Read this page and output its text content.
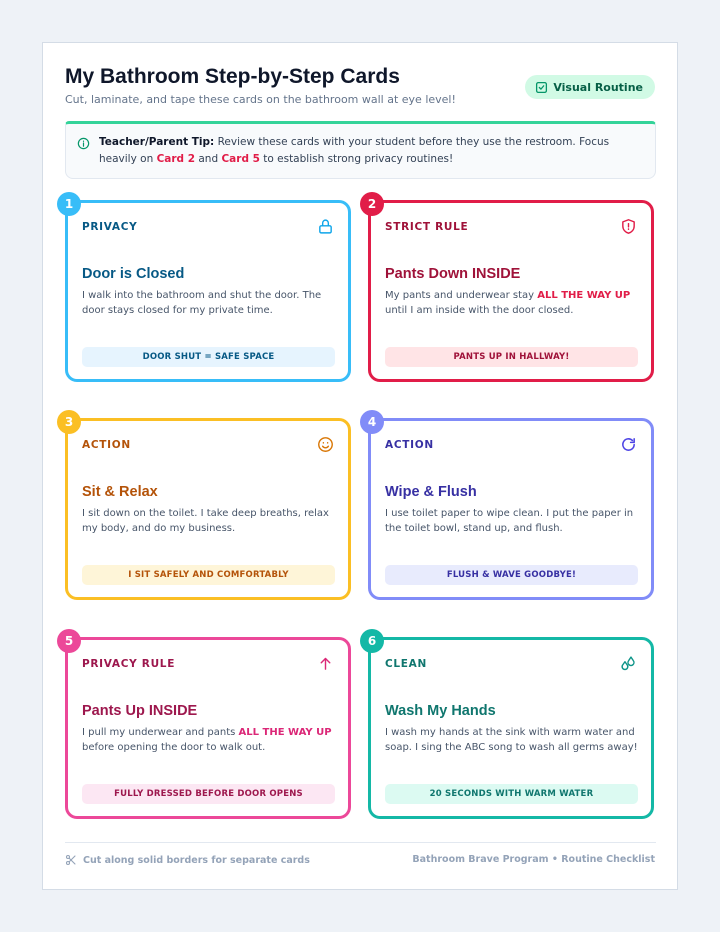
My Bathroom Step-by-Step Cards
Cut, laminate, and tape these cards on the bathroom wall at eye level!
Visual Routine
Teacher/Parent Tip: Review these cards with your student before they use the restroom. Focus heavily on Card 2 and Card 5 to establish strong privacy routines!
1
PRIVACY
Door is Closed
I walk into the bathroom and shut the door. The door stays closed for my private time.
DOOR SHUT = SAFE SPACE
2
STRICT RULE
Pants Down INSIDE
My pants and underwear stay ALL THE WAY UP until I am inside with the door closed.
PANTS UP IN HALLWAY!
3
ACTION
Sit & Relax
I sit down on the toilet. I take deep breaths, relax my body, and do my business.
I SIT SAFELY AND COMFORTABLY
4
ACTION
Wipe & Flush
I use toilet paper to wipe clean. I put the paper in the toilet bowl, stand up, and flush.
FLUSH & WAVE GOODBYE!
5
PRIVACY RULE
Pants Up INSIDE
I pull my underwear and pants ALL THE WAY UP before opening the door to walk out.
FULLY DRESSED BEFORE DOOR OPENS
6
CLEAN
Wash My Hands
I wash my hands at the sink with warm water and soap. I sing the ABC song to wash all germs away!
20 SECONDS WITH WARM WATER
Cut along solid borders for separate cards	Bathroom Brave Program • Routine Checklist
